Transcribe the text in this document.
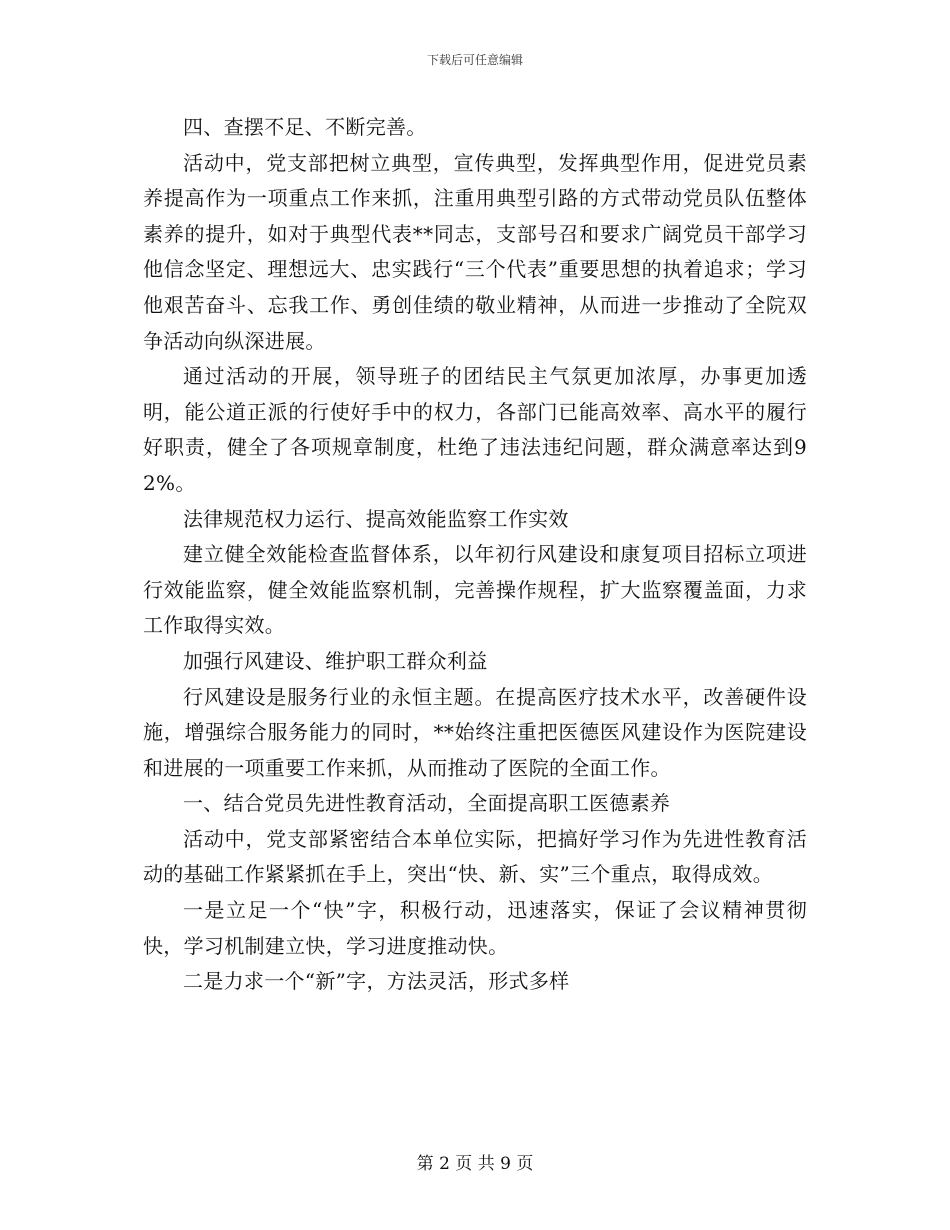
下载后可任意编辑

四、查摆不足、不断完善。

活动中，党支部把树立典型，宣传典型，发挥典型作用，促进党员素养提高作为一项重点工作来抓，注重用典型引路的方式带动党员队伍整体素养的提升，如对于典型代表**同志，支部号召和要求广阔党员干部学习他信念坚定、理想远大、忠实践行“三个代表”重要思想的执着追求；学习他艰苦奋斗、忘我工作、勇创佳绩的敬业精神，从而进一步推动了全院双争活动向纵深进展。

通过活动的开展，领导班子的团结民主气氛更加浓厚，办事更加透明，能公道正派的行使好手中的权力，各部门已能高效率、高水平的履行好职责，健全了各项规章制度，杜绝了违法违纪问题，群众满意率达到92%。

法律规范权力运行、提高效能监察工作实效

建立健全效能检查监督体系，以年初行风建设和康复项目招标立项进行效能监察，健全效能监察机制，完善操作规程，扩大监察覆盖面，力求工作取得实效。

加强行风建设、维护职工群众利益

行风建设是服务行业的永恒主题。在提高医疗技术水平，改善硬件设施，增强综合服务能力的同时，**始终注重把医德医风建设作为医院建设和进展的一项重要工作来抓，从而推动了医院的全面工作。

一、结合党员先进性教育活动，全面提高职工医德素养

活动中，党支部紧密结合本单位实际，把搞好学习作为先进性教育活动的基础工作紧紧抓在手上，突出“快、新、实”三个重点，取得成效。

一是立足一个“快”字，积极行动，迅速落实，保证了会议精神贯彻快，学习机制建立快，学习进度推动快。

二是力求一个“新”字，方法灵活，形式多样

第 2 页 共 9 页
